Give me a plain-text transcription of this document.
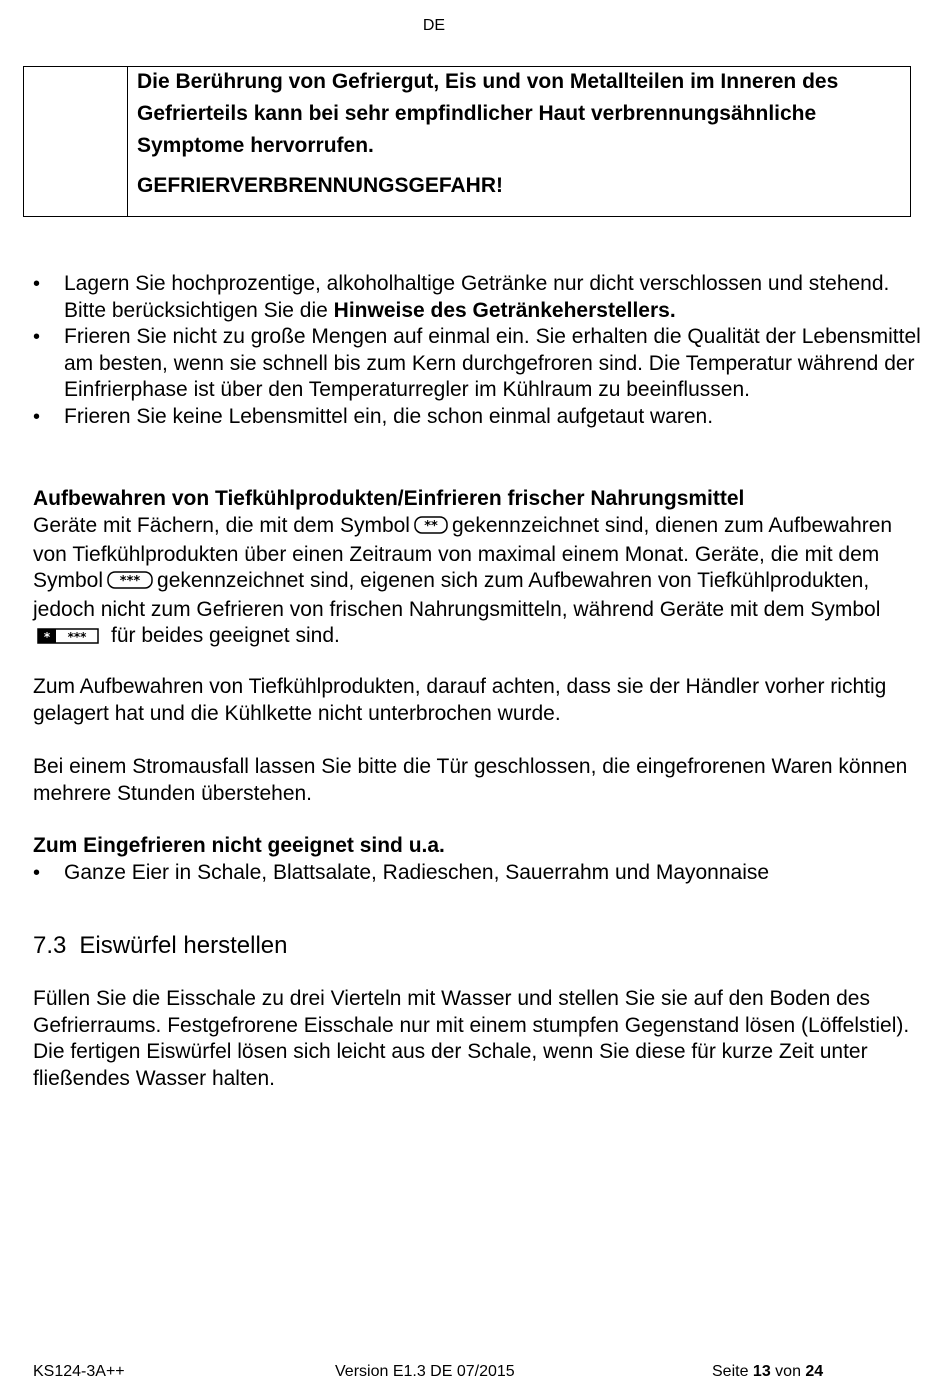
DE
Die Berührung von Gefriergut, Eis und von Metallteilen im Inneren des Gefrierteils kann bei sehr empfindlicher Haut verbrennungsähnliche Symptome hervorrufen.
GEFRIERVERBRENNUNGSGEFAHR!
• Lagern Sie hochprozentige, alkoholhaltige Getränke nur dicht verschlossen und stehend. Bitte berücksichtigen Sie die Hinweise des Getränkeherstellers.
• Frieren Sie nicht zu große Mengen auf einmal ein. Sie erhalten die Qualität der Lebensmittel am besten, wenn sie schnell bis zum Kern durchgefroren sind. Die Temperatur während der Einfrierphase ist über den Temperaturregler im Kühlraum zu beeinflussen.
• Frieren Sie keine Lebensmittel ein, die schon einmal aufgetaut waren.
Aufbewahren von Tiefkühlprodukten/Einfrieren frischer Nahrungsmittel
Geräte mit Fächern, die mit dem Symbol ** gekennzeichnet sind, dienen zum Aufbewahren von Tiefkühlprodukten über einen Zeitraum von maximal einem Monat. Geräte, die mit dem Symbol *** gekennzeichnet sind, eigenen sich zum Aufbewahren von Tiefkühlprodukten, jedoch nicht zum Gefrieren von frischen Nahrungsmitteln, während Geräte mit dem Symbol
* *** für beides geeignet sind.
Zum Aufbewahren von Tiefkühlprodukten, darauf achten, dass sie der Händler vorher richtig gelagert hat und die Kühlkette nicht unterbrochen wurde.
Bei einem Stromausfall lassen Sie bitte die Tür geschlossen, die eingefrorenen Waren können mehrere Stunden überstehen.
Zum Eingefrieren nicht geeignet sind u.a.
• Ganze Eier in Schale, Blattsalate, Radieschen, Sauerrahm und Mayonnaise
7.3 Eiswürfel herstellen
Füllen Sie die Eisschale zu drei Vierteln mit Wasser und stellen Sie sie auf den Boden des Gefrierraums. Festgefrorene Eisschale nur mit einem stumpfen Gegenstand lösen (Löffelstiel). Die fertigen Eiswürfel lösen sich leicht aus der Schale, wenn Sie diese für kurze Zeit unter fließendes Wasser halten.
KS124-3A++	Version E1.3 DE 07/2015	Seite 13 von 24
